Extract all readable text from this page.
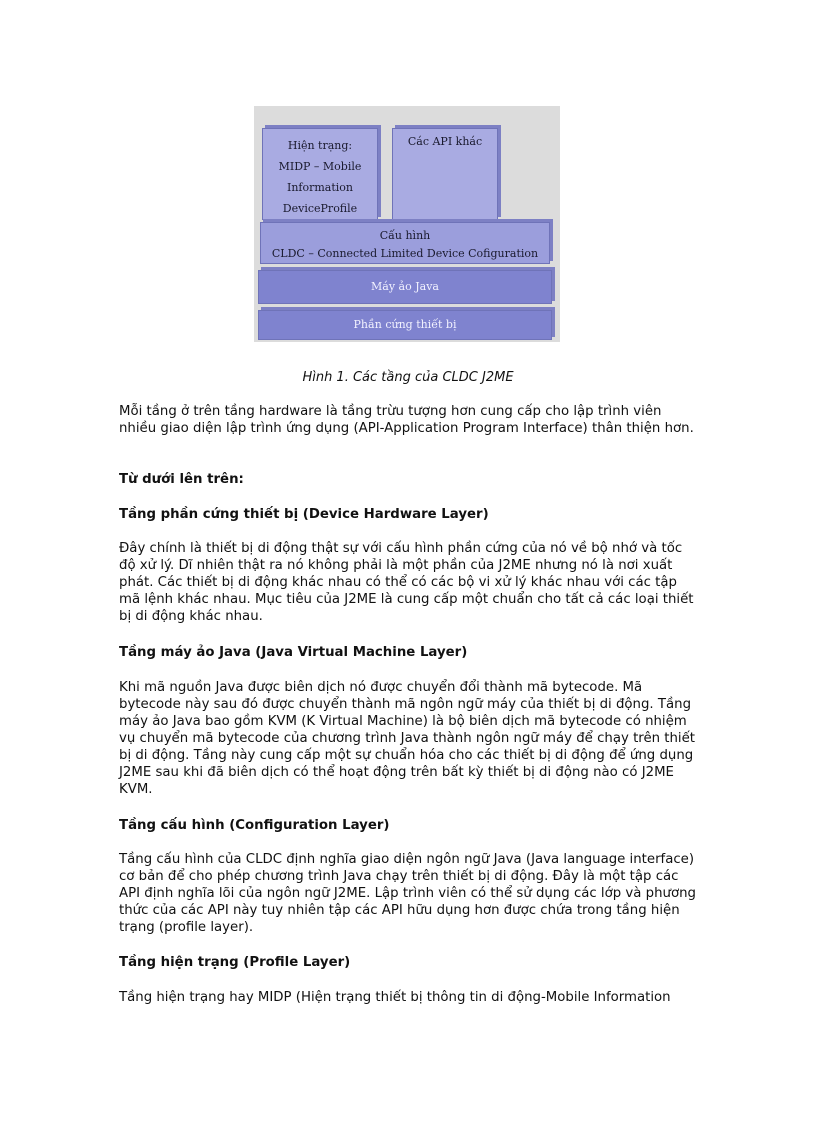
Hiện trạng:
MIDP – Mobile
Information
DeviceProfile
Các API khác
Cấu hình
CLDC – Connected Limited Device Cofiguration
Máy ảo Java
Phần cứng thiết bị
Hình 1. Các tầng của CLDC J2ME

Mỗi tầng ở trên tầng hardware là tầng trừu tượng hơn cung cấp cho lập trình viên nhiều giao diện lập trình ứng dụng (API-Application Program Interface) thân thiện hơn.

Từ dưới lên trên:
Tầng phần cứng thiết bị (Device Hardware Layer)
Đây chính là thiết bị di động thật sự với cấu hình phần cứng của nó về bộ nhớ và tốc độ xử lý. Dĩ nhiên thật ra nó không phải là một phần của J2ME nhưng nó là nơi xuất phát. Các thiết bị di động khác nhau có thể có các bộ vi xử lý khác nhau với các tập mã lệnh khác nhau. Mục tiêu của J2ME là cung cấp một chuẩn cho tất cả các loại thiết bị di động khác nhau.
Tầng máy ảo Java (Java Virtual Machine Layer)
Khi mã nguồn Java được biên dịch nó được chuyển đổi thành mã bytecode. Mã bytecode này sau đó được chuyển thành mã ngôn ngữ máy của thiết bị di động. Tầng máy ảo Java bao gồm KVM (K Virtual Machine) là bộ biên dịch mã bytecode có nhiệm vụ chuyển mã bytecode của chương trình Java thành ngôn ngữ máy để chạy trên thiết bị di động. Tầng này cung cấp một sự chuẩn hóa cho các thiết bị di động để ứng dụng J2ME sau khi đã biên dịch có thể hoạt động trên bất kỳ thiết bị di động nào có J2ME KVM.
Tầng cấu hình (Configuration Layer)
Tầng cấu hình của CLDC định nghĩa giao diện ngôn ngữ Java (Java language interface) cơ bản để cho phép chương trình Java chạy trên thiết bị di động. Đây là một tập các API định nghĩa lõi của ngôn ngữ J2ME. Lập trình viên có thể sử dụng các lớp và phương thức của các API này tuy nhiên tập các API hữu dụng hơn được chứa trong tầng hiện trạng (profile layer).
Tầng hiện trạng (Profile Layer)
Tầng hiện trạng hay MIDP (Hiện trạng thiết bị thông tin di động-Mobile Information
